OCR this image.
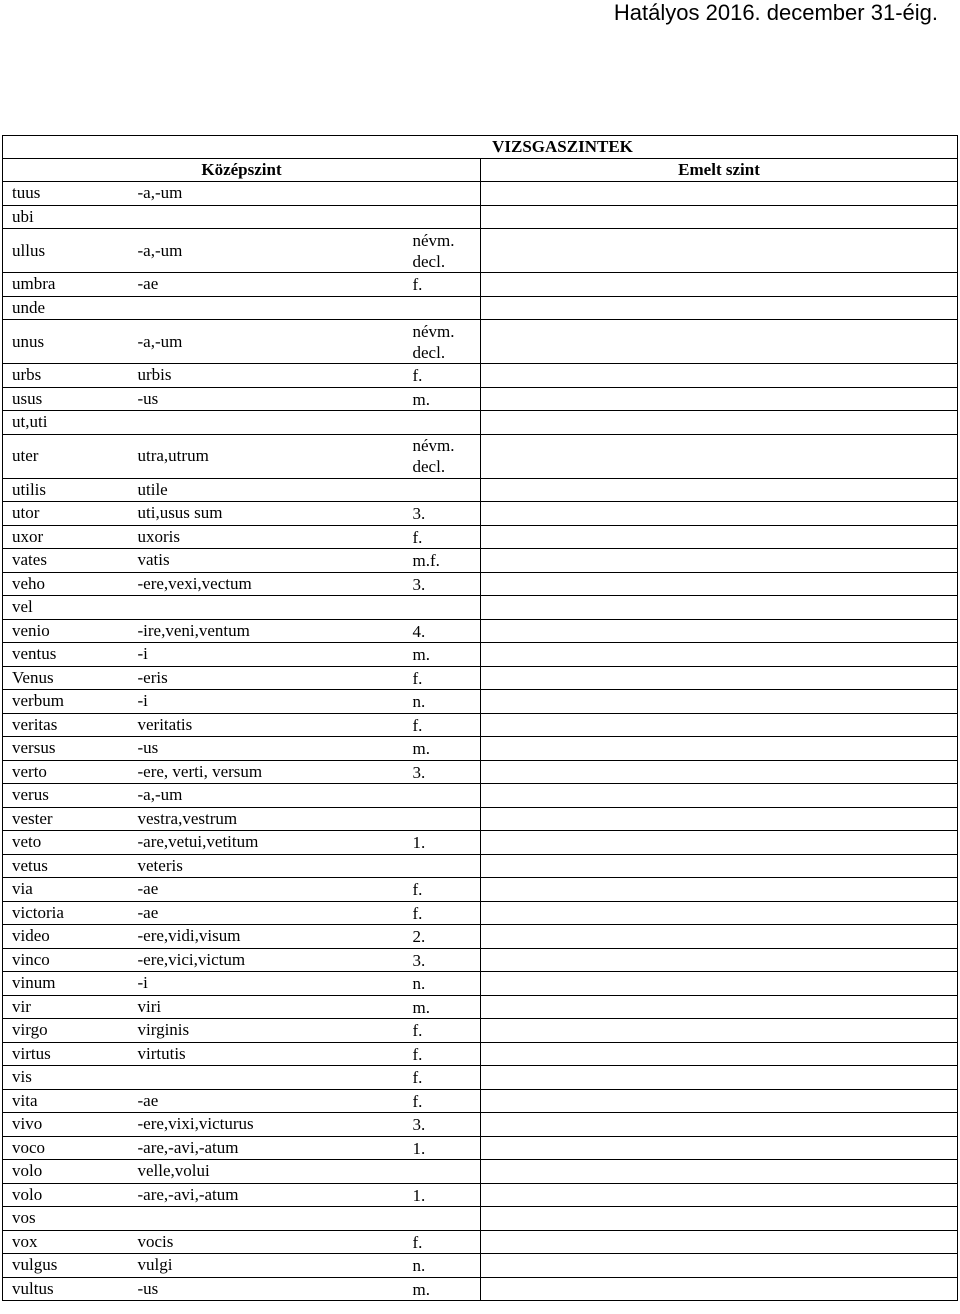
Hatályos 2016. december 31-éig.
VIZSGASZINTEK			
Középszint			Emelt szint
tuus	-a,-um		
ubi			
ullus	-a,-um	névm. decl.	
umbra	-ae	f.	
unde			
unus	-a,-um	névm. decl.	
urbs	urbis	f.	
usus	-us	m.	
ut,uti			
uter	utra,utrum	névm. decl.	
utilis	utile		
utor	uti,usus sum	3.	
uxor	uxoris	f.	
vates	vatis	m.f.	
veho	-ere,vexi,vectum	3.	
vel			
venio	-ire,veni,ventum	4.	
ventus	-i	m.	
Venus	-eris	f.	
verbum	-i	n.	
veritas	veritatis	f.	
versus	-us	m.	
verto	-ere, verti, versum	3.	
verus	-a,-um		
vester	vestra,vestrum		
veto	-are,vetui,vetitum	1.	
vetus	veteris		
via	-ae	f.	
victoria	-ae	f.	
video	-ere,vidi,visum	2.	
vinco	-ere,vici,victum	3.	
vinum	-i	n.	
vir	viri	m.	
virgo	virginis	f.	
virtus	virtutis	f.	
vis		f.	
vita	-ae	f.	
vivo	-ere,vixi,victurus	3.	
voco	-are,-avi,-atum	1.	
volo	velle,volui		
volo	-are,-avi,-atum	1.	
vos			
vox	vocis	f.	
vulgus	vulgi	n.	
vultus	-us	m.	
